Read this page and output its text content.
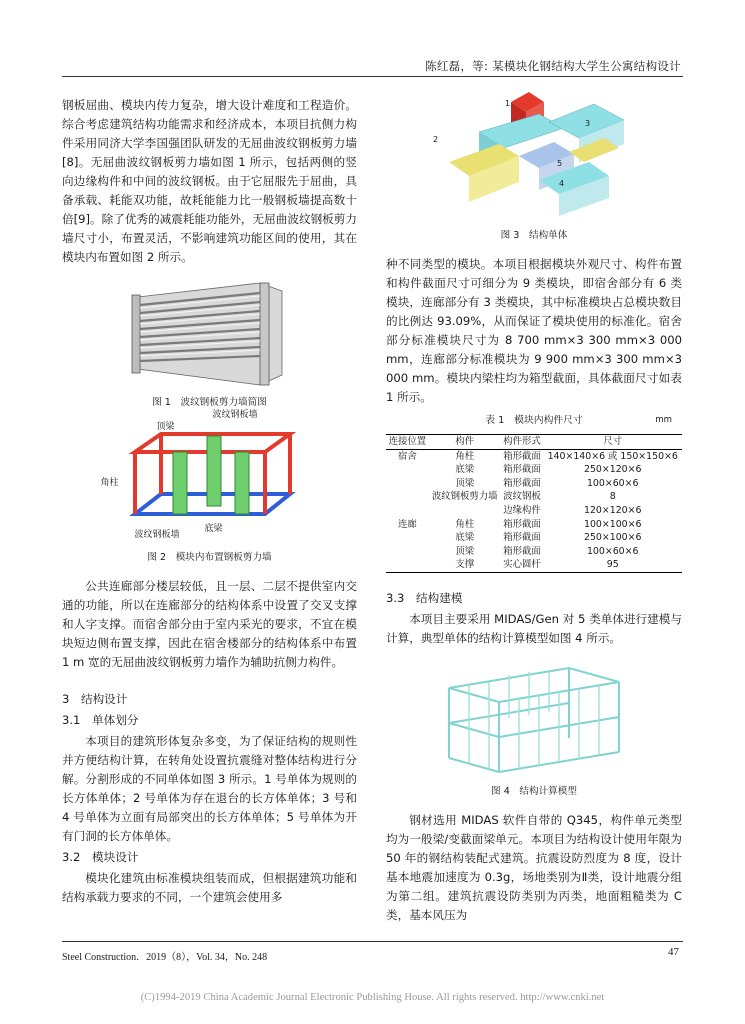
陈红磊，等: 某模块化钢结构大学生公寓结构设计

钢板屈曲、模块内传力复杂，增大设计难度和工程造价。综合考虑建筑结构功能需求和经济成本，本项目抗侧力构件采用同济大学李国强团队研发的无屈曲波纹钢板剪力墙[8]。无屈曲波纹钢板剪力墙如图 1 所示，包括两侧的竖向边缘构件和中间的波纹钢板。由于它屈服先于屈曲，具备承载、耗能双功能，故耗能能力比一般钢板墙提高数十倍[9]。除了优秀的减震耗能功能外，无屈曲波纹钢板剪力墙尺寸小，布置灵活，不影响建筑功能区间的使用，其在模块内布置如图 2 所示。

图 1　波纹钢板剪力墙简图
顶梁
波纹钢板墙
角柱
波纹钢板墙
底梁
图 2　模块内布置钢板剪力墙

公共连廊部分楼层较低，且一层、二层不提供室内交通的功能，所以在连廊部分的结构体系中设置了交叉支撑和人字支撑。而宿舍部分由于室内采光的要求，不宜在模块短边侧布置支撑，因此在宿舍楼部分的结构体系中布置 1 m 宽的无屈曲波纹钢板剪力墙作为辅助抗侧力构件。

3　结构设计
3.1　单体划分

本项目的建筑形体复杂多变，为了保证结构的规则性并方便结构计算，在转角处设置抗震缝对整体结构进行分解。分割形成的不同单体如图 3 所示。1 号单体为规则的长方体单体；2 号单体为存在退台的长方体单体；3 号和 4 号单体为立面有局部突出的长方体单体；5 号单体为开有门洞的长方体单体。

3.2　模块设计

模块化建筑由标准模块组装而成，但根据建筑功能和结构承载力要求的不同，一个建筑会使用多

1
2
3
4
5
图 3　结构单体

种不同类型的模块。本项目根据模块外观尺寸、构件布置和构件截面尺寸可细分为 9 类模块，即宿舍部分有 6 类模块，连廊部分有 3 类模块，其中标准模块占总模块数目的比例达 93.09%，从而保证了模块使用的标准化。宿舍部分标准模块尺寸为 8 700 mm×3 300 mm×3 000 mm，连廊部分标准模块为 9 900 mm×3 300 mm×3 000 mm。模块内梁柱均为箱型截面，具体截面尺寸如表 1 所示。

表 1　模块内构件尺寸	mm
连接位置	构件	构件形式	尺寸
宿舍	角柱	箱形截面	140×140×6 或 150×150×6
	底梁	箱形截面	250×120×6
	顶梁	箱形截面	100×60×6
	波纹钢板剪力墙	波纹钢板	8
		边缘构件	120×120×6
连廊	角柱	箱形截面	100×100×6
	底梁	箱形截面	250×100×6
	顶梁	箱形截面	100×60×6
	支撑	实心圆杆	95
3.3　结构建模

本项目主要采用 MIDAS/Gen 对 5 类单体进行建模与计算，典型单体的结构计算模型如图 4 所示。

图 4　结构计算模型

钢材选用 MIDAS 软件自带的 Q345，构件单元类型均为一般梁/变截面梁单元。本项目为结构设计使用年限为 50 年的钢结构装配式建筑。抗震设防烈度为 8 度，设计基本地震加速度为 0.3g，场地类别为Ⅱ类，设计地震分组为第二组。建筑抗震设防类别为丙类，地面粗糙类为 C 类，基本风压为

Steel Construction．2019（8），Vol. 34，No. 248	47
(C)1994-2019 China Academic Journal Electronic Publishing House. All rights reserved. http://www.cnki.net
